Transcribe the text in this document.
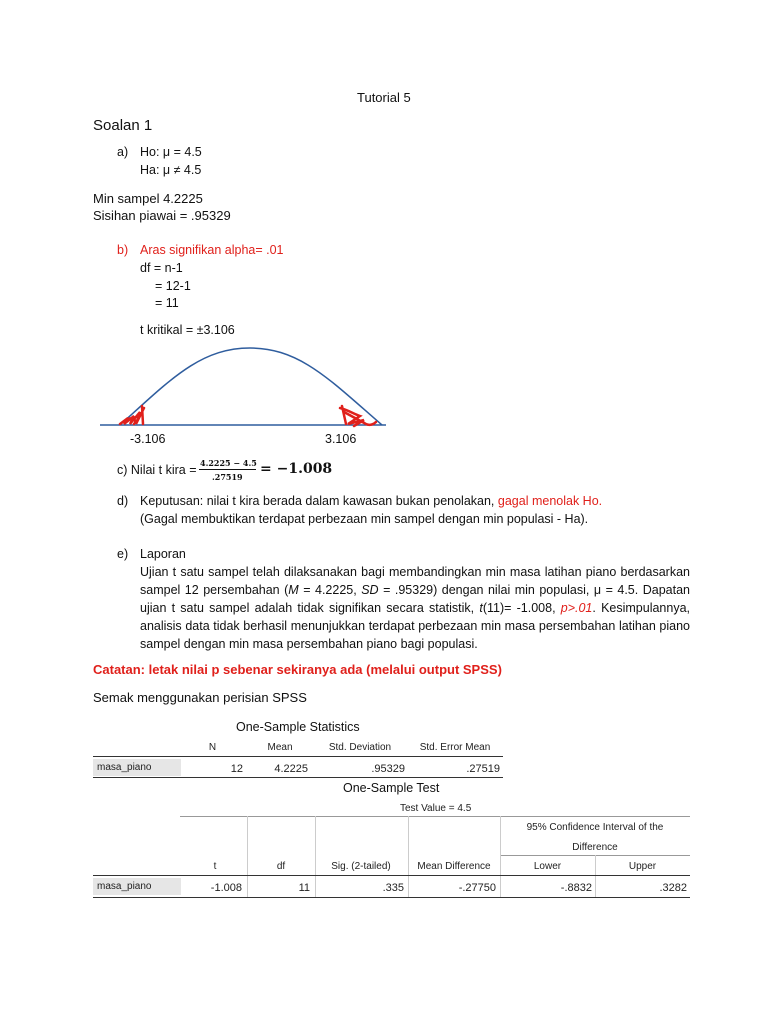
Tutorial 5
Soalan 1
a) Ho: μ = 4.5
Ha: μ ≠ 4.5
Min sampel 4.2225
Sisihan piawai = .95329
b) Aras signifikan alpha= .01
df = n-1
= 12-1
= 11
t kritikal = ±3.106
-3.106	3.106
c) Nilai t kira = 4.2225 − 4.5
.27519 = −1.008
d) Keputusan: nilai t kira berada dalam kawasan bukan penolakan, gagal menolak Ho.
(Gagal membuktikan terdapat perbezaan min sampel dengan min populasi - Ha).
e) Laporan
Ujian t satu sampel telah dilaksanakan bagi membandingkan min masa latihan piano berdasarkan sampel 12 persembahan (M = 4.2225, SD = .95329) dengan nilai min populasi, μ = 4.5. Dapatan ujian t satu sampel adalah tidak signifikan secara statistik, t(11)= -1.008, p>.01. Kesimpulannya, analisis data tidak berhasil menunjukkan terdapat perbezaan min masa persembahan latihan piano sampel dengan min masa persembahan piano bagi populasi.
Catatan: letak nilai p sebenar sekiranya ada (melalui output SPSS)
Semak menggunakan perisian SPSS
One-Sample Statistics
N	Mean	Std. Deviation	Std. Error Mean
masa_piano	12	4.2225	.95329	.27519
One-Sample Test
Test Value = 4.5
95% Confidence Interval of the
Difference
t	df	Sig. (2-tailed)	Mean Difference	Lower	Upper
masa_piano	-1.008	11	.335	-.27750	-.8832	.3282
